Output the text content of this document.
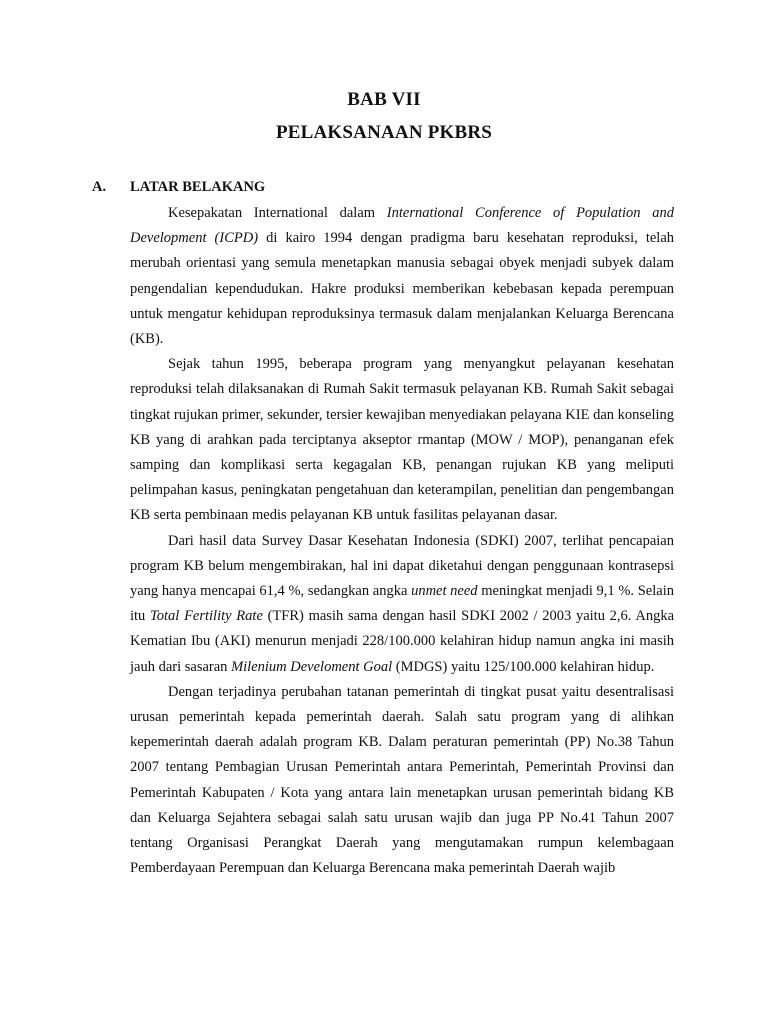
BAB VII
PELAKSANAAN PKBRS
A. LATAR BELAKANG

Kesepakatan International dalam International Conference of Population and Development (ICPD) di kairo 1994 dengan pradigma baru kesehatan reproduksi, telah merubah orientasi yang semula menetapkan manusia sebagai obyek menjadi subyek dalam pengendalian kependudukan. Hakre produksi memberikan kebebasan kepada perempuan untuk mengatur kehidupan reproduksinya termasuk dalam menjalankan Keluarga Berencana (KB).

Sejak tahun 1995, beberapa program yang menyangkut pelayanan kesehatan reproduksi telah dilaksanakan di Rumah Sakit termasuk pelayanan KB. Rumah Sakit sebagai tingkat rujukan primer, sekunder, tersier kewajiban menyediakan pelayana KIE dan konseling KB yang di arahkan pada terciptanya akseptor rmantap (MOW / MOP), penanganan efek samping dan komplikasi serta kegagalan KB, penangan rujukan KB yang meliputi pelimpahan kasus, peningkatan pengetahuan dan keterampilan, penelitian dan pengembangan KB serta pembinaan medis pelayanan KB untuk fasilitas pelayanan dasar.

Dari hasil data Survey Dasar Kesehatan Indonesia (SDKI) 2007, terlihat pencapaian program KB belum mengembirakan, hal ini dapat diketahui dengan penggunaan kontrasepsi yang hanya mencapai 61,4 %, sedangkan angka unmet need meningkat menjadi 9,1 %. Selain itu Total Fertility Rate (TFR) masih sama dengan hasil SDKI 2002 / 2003 yaitu 2,6. Angka Kematian Ibu (AKI) menurun menjadi 228/100.000 kelahiran hidup namun angka ini masih jauh dari sasaran Milenium Develoment Goal (MDGS) yaitu 125/100.000 kelahiran hidup.

Dengan terjadinya perubahan tatanan pemerintah di tingkat pusat yaitu desentralisasi urusan pemerintah kepada pemerintah daerah. Salah satu program yang di alihkan kepemerintah daerah adalah program KB. Dalam peraturan pemerintah (PP) No.38 Tahun 2007 tentang Pembagian Urusan Pemerintah antara Pemerintah, Pemerintah Provinsi dan Pemerintah Kabupaten / Kota yang antara lain menetapkan urusan pemerintah bidang KB dan Keluarga Sejahtera sebagai salah satu urusan wajib dan juga PP No.41 Tahun 2007 tentang Organisasi Perangkat Daerah yang mengutamakan rumpun kelembagaan Pemberdayaan Perempuan dan Keluarga Berencana maka pemerintah Daerah wajib
